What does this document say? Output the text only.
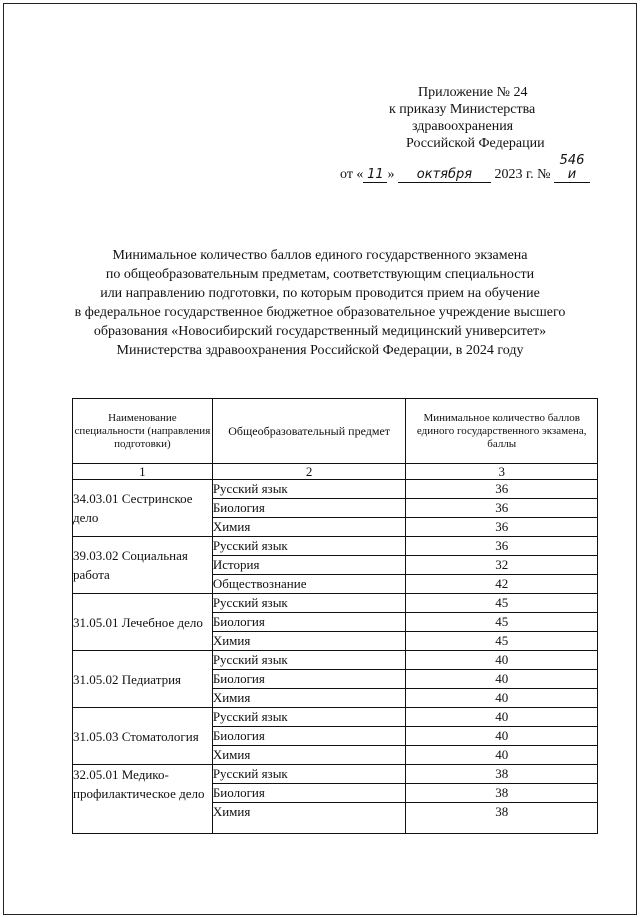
Приложение № 24
к приказу Министерства
здравоохранения
Российской Федерации
от « 11 » октября 2023 г. № 546 и
Минимальное количество баллов единого государственного экзамена
по общеобразовательным предметам, соответствующим специальности
или направлению подготовки, по которым проводится прием на обучение
в федеральное государственное бюджетное образовательное учреждение высшего
образования «Новосибирский государственный медицинский университет»
Министерства здравоохранения Российской Федерации, в 2024 году
Наименование специальности (направления подготовки)	Общеобразовательный предмет	Минимальное количество баллов единого государственного экзамена, баллы
1	2	3
34.03.01 Сестринское дело	Русский язык	36
	Биология	36
	Химия	36
39.03.02 Социальная работа	Русский язык	36
	История	32
	Обществознание	42
31.05.01 Лечебное дело	Русский язык	45
	Биология	45
	Химия	45
31.05.02 Педиатрия	Русский язык	40
	Биология	40
	Химия	40
31.05.03 Стоматология	Русский язык	40
	Биология	40
	Химия	40
32.05.01 Медико-профилактическое дело	Русский язык	38
	Биология	38
	Химия	38
